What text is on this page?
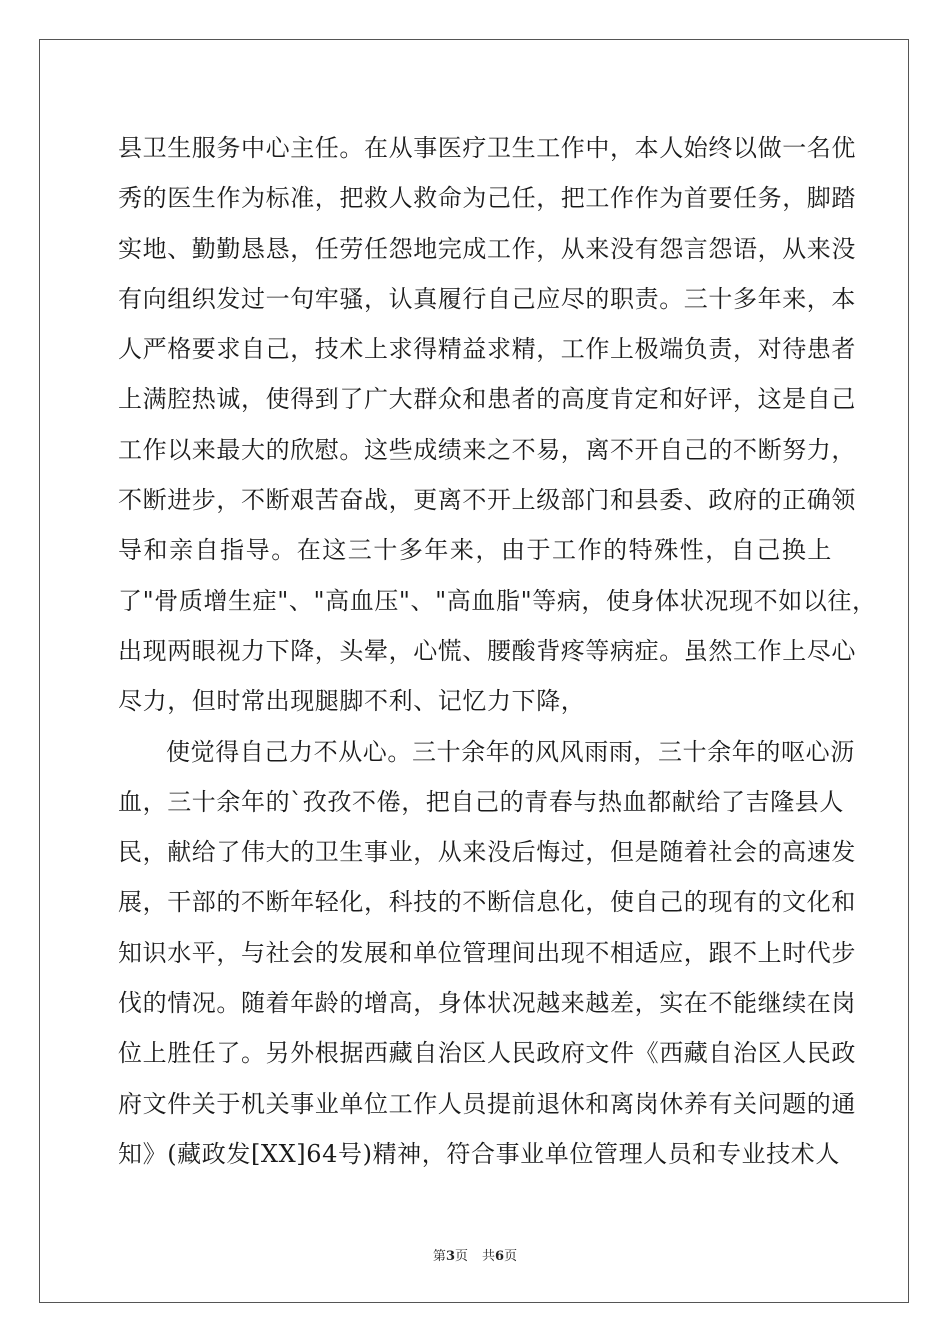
县卫生服务中心主任。在从事医疗卫生工作中，本人始终以做一名优
秀的医生作为标准，把救人救命为己任，把工作作为首要任务，脚踏
实地、勤勤恳恳，任劳任怨地完成工作，从来没有怨言怨语，从来没
有向组织发过一句牢骚，认真履行自己应尽的职责。三十多年来，本
人严格要求自己，技术上求得精益求精，工作上极端负责，对待患者
上满腔热诚，使得到了广大群众和患者的高度肯定和好评，这是自己
工作以来最大的欣慰。这些成绩来之不易，离不开自己的不断努力，
不断进步，不断艰苦奋战，更离不开上级部门和县委、政府的正确领
导和亲自指导。在这三十多年来，由于工作的特殊性，自己换上
了"骨质增生症"、"高血压"、"高血脂"等病，使身体状况现不如以往，
出现两眼视力下降，头晕，心慌、腰酸背疼等病症。虽然工作上尽心
尽力，但时常出现腿脚不利、记忆力下降，
使觉得自己力不从心。三十余年的风风雨雨，三十余年的呕心沥
血，三十余年的`孜孜不倦，把自己的青春与热血都献给了吉隆县人
民，献给了伟大的卫生事业，从来没后悔过，但是随着社会的高速发
展，干部的不断年轻化，科技的不断信息化，使自己的现有的文化和
知识水平，与社会的发展和单位管理间出现不相适应，跟不上时代步
伐的情况。随着年龄的增高，身体状况越来越差，实在不能继续在岗
位上胜任了。另外根据西藏自治区人民政府文件《西藏自治区人民政
府文件关于机关事业单位工作人员提前退休和离岗休养有关问题的通
知》(藏政发[XX]64号)精神，符合事业单位管理人员和专业技术人
第3页 共6页
